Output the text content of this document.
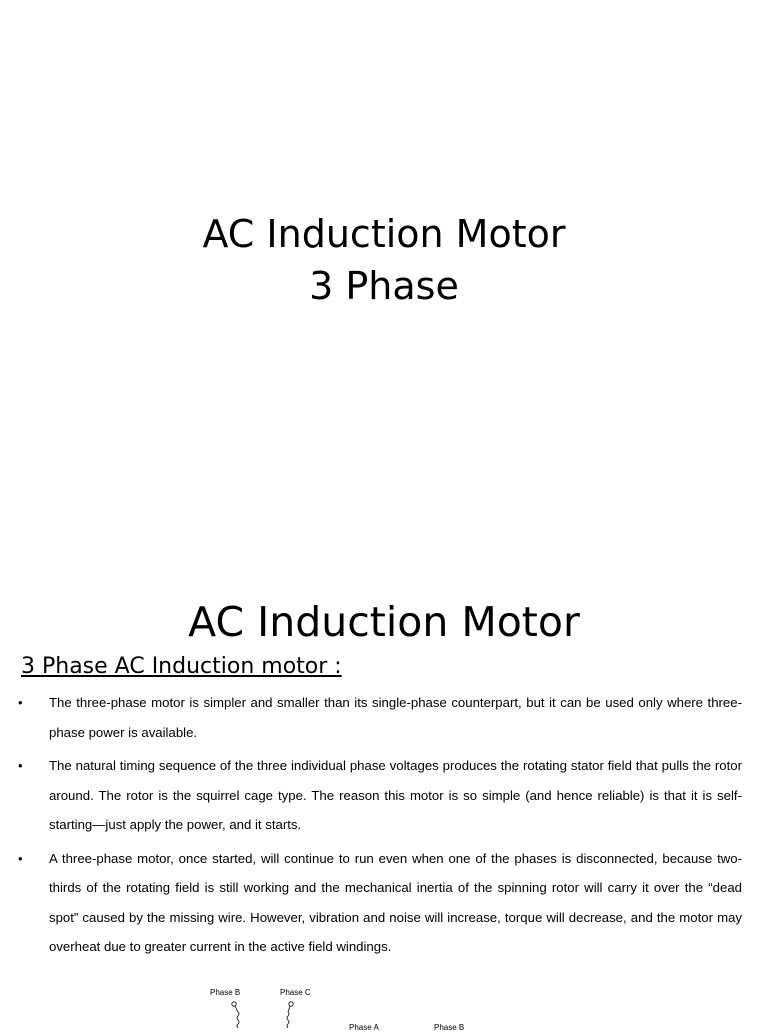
AC Induction Motor
3 Phase
AC Induction Motor
3 Phase AC Induction motor :
•	The three-phase motor is simpler and smaller than its single-phase counterpart, but it can be used only where three-phase power is available.
•	The natural timing sequence of the three individual phase voltages produces the rotating stator field that pulls the rotor around. The rotor is the squirrel cage type. The reason this motor is so simple (and hence reliable) is that it is self-starting—just apply the power, and it starts.
•	A three-phase motor, once started, will continue to run even when one of the phases is disconnected, because two-thirds of the rotating field is still working and the mechanical inertia of the spinning rotor will carry it over the “dead spot” caused by the missing wire. However, vibration and noise will increase, torque will decrease, and the motor may overheat due to greater current in the active field windings.
Phase B	Phase C
Phase A	Phase B
